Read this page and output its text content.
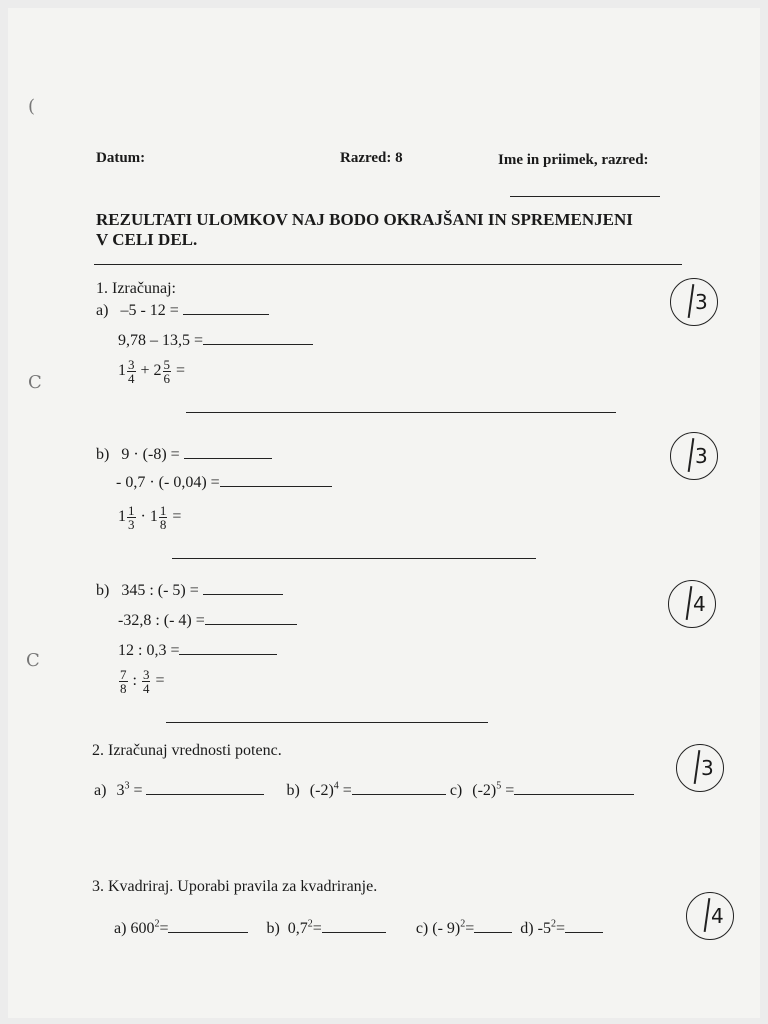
(
C
C
Datum:	Razred: 8	Ime in priimek, razred:
REZULTATI ULOMKOV NAJ BODO OKRAJŠANI IN SPREMENJENI
V CELI DEL.
1. Izračunaj:
a) –5 - 12 =
9,78 – 13,5 =
$1 \frac{3}{4} + 2 \frac{5}{6}$ =
3
b) 9 · (-8) =
- 0,7 · (- 0,04) =
$1 \frac{1}{3} \cdot 1 \frac{1}{8}$ =
3
b) 345 : (- 5) =
-32,8 : (- 4) =
12 : 0,3 =
$\frac{7}{8}$ : $\frac{3}{4}$ =
4
2. Izračunaj vrednosti potenc.
a) $3^3$ =	b) $(-2)^4$ =	c) $(-2)^5$ =
3
3. Kvadriraj. Uporabi pravila za kvadriranje.
a) $600^2=$	b) $0,7^2=$	c) (- 9)$^2$=	d) $-5^2=$
4
